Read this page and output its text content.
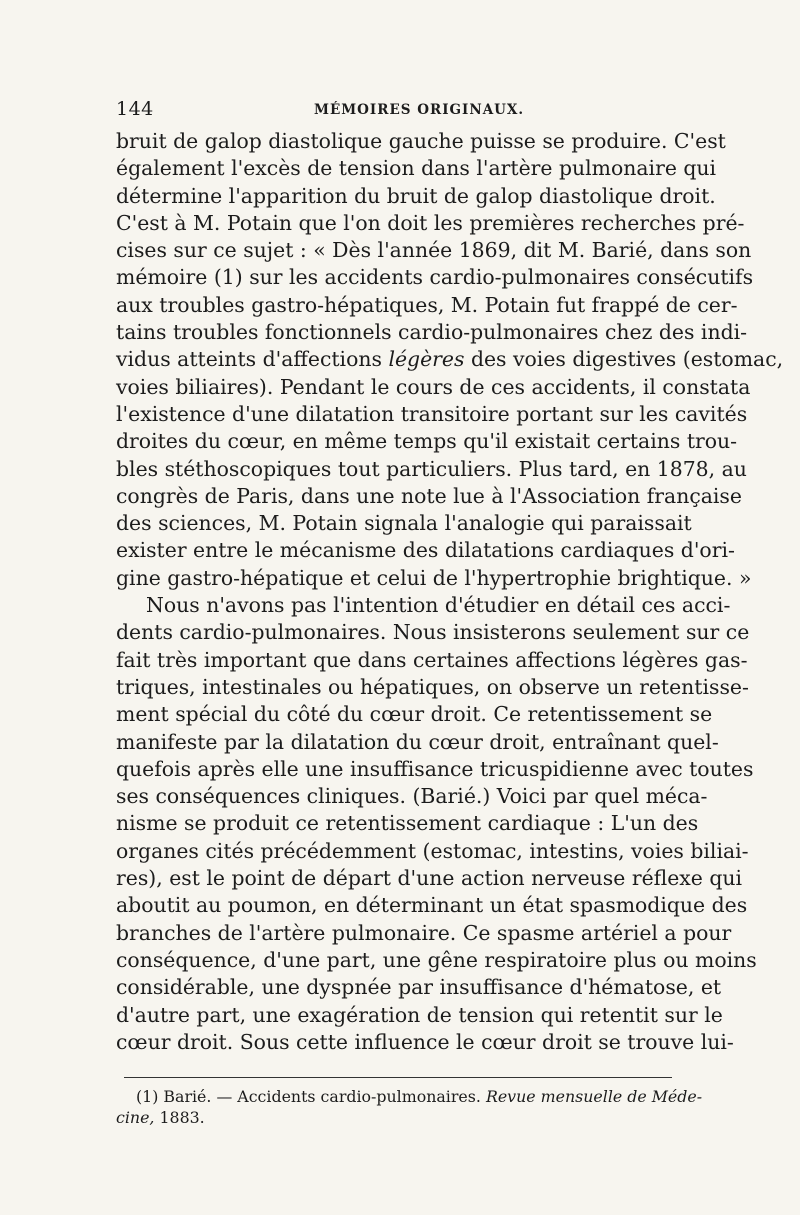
144	MÉMOIRES ORIGINAUX.
bruit de galop diastolique gauche puisse se produire. C'est
également l'excès de tension dans l'artère pulmonaire qui
détermine l'apparition du bruit de galop diastolique droit.
C'est à M. Potain que l'on doit les premières recherches pré-
cises sur ce sujet : « Dès l'année 1869, dit M. Barié, dans son
mémoire (1) sur les accidents cardio-pulmonaires consécutifs
aux troubles gastro-hépatiques, M. Potain fut frappé de cer-
tains troubles fonctionnels cardio-pulmonaires chez des indi-
vidus atteints d'affections légères des voies digestives (estomac,
voies biliaires). Pendant le cours de ces accidents, il constata
l'existence d'une dilatation transitoire portant sur les cavités
droites du cœur, en même temps qu'il existait certains trou-
bles stéthoscopiques tout particuliers. Plus tard, en 1878, au
congrès de Paris, dans une note lue à l'Association française
des sciences, M. Potain signala l'analogie qui paraissait
exister entre le mécanisme des dilatations cardiaques d'ori-
gine gastro-hépatique et celui de l'hypertrophie brightique. »
Nous n'avons pas l'intention d'étudier en détail ces acci-
dents cardio-pulmonaires. Nous insisterons seulement sur ce
fait très important que dans certaines affections légères gas-
triques, intestinales ou hépatiques, on observe un retentisse-
ment spécial du côté du cœur droit. Ce retentissement se
manifeste par la dilatation du cœur droit, entraînant quel-
quefois après elle une insuffisance tricuspidienne avec toutes
ses conséquences cliniques. (Barié.) Voici par quel méca-
nisme se produit ce retentissement cardiaque : L'un des
organes cités précédemment (estomac, intestins, voies biliai-
res), est le point de départ d'une action nerveuse réflexe qui
aboutit au poumon, en déterminant un état spasmodique des
branches de l'artère pulmonaire. Ce spasme artériel a pour
conséquence, d'une part, une gêne respiratoire plus ou moins
considérable, une dyspnée par insuffisance d'hématose, et
d'autre part, une exagération de tension qui retentit sur le
cœur droit. Sous cette influence le cœur droit se trouve lui-
(1) Barié. — Accidents cardio-pulmonaires. Revue mensuelle de Méde-
cine, 1883.
